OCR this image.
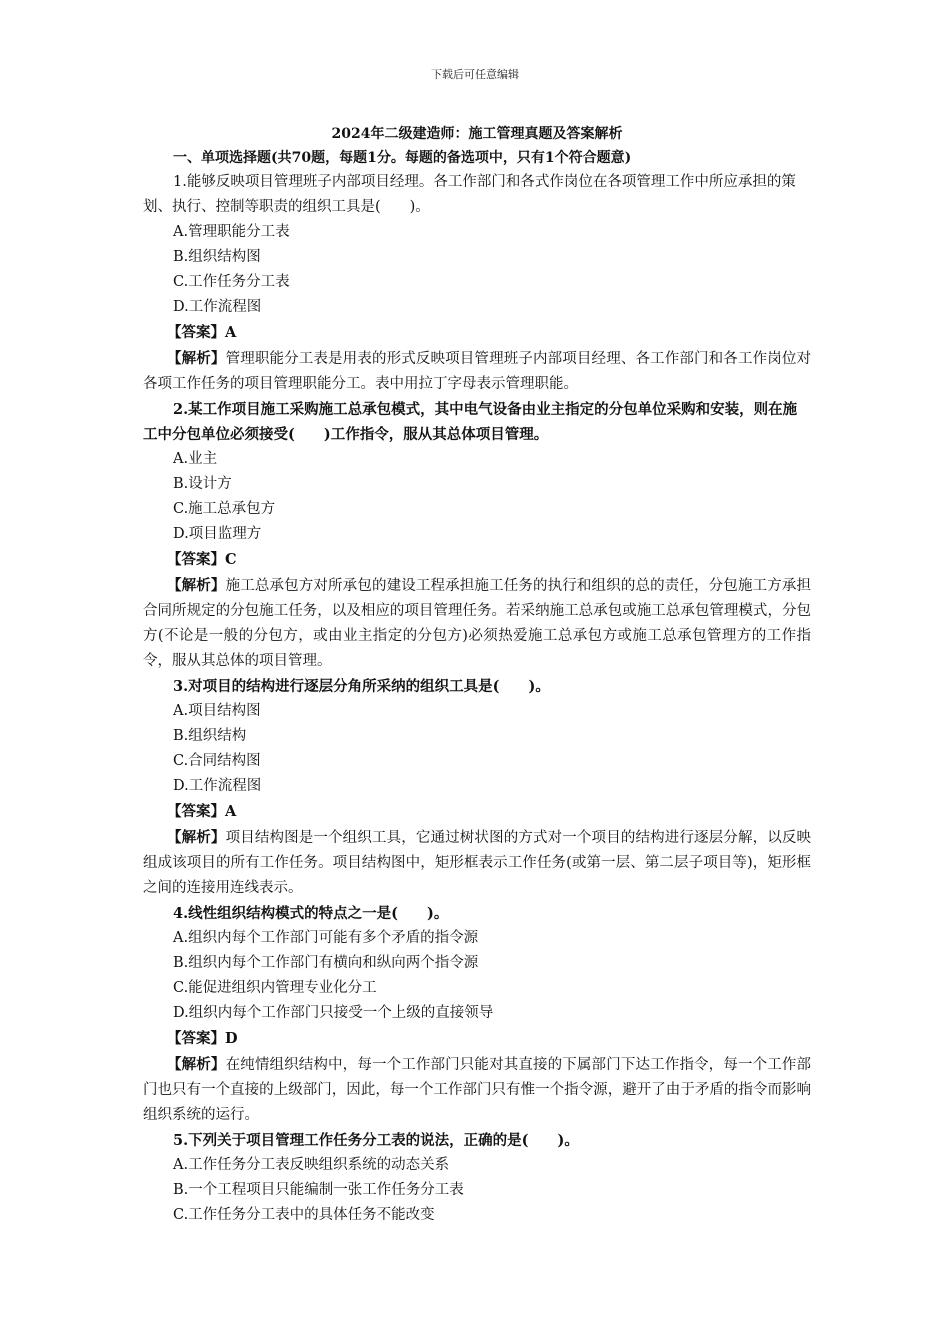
下载后可任意编辑
2024年二级建造师：施工管理真题及答案解析
一、单项选择题(共70题，每题1分。每题的备选项中，只有1个符合题意)

1.能够反映项目管理班子内部项目经理。各工作部门和各式作岗位在各项管理工作中所应承担的策划、执行、控制等职责的组织工具是(　　)。

A.管理职能分工表

B.组织结构图

C.工作任务分工表

D.工作流程图

【答案】A

【解析】管理职能分工表是用表的形式反映项目管理班子内部项目经理、各工作部门和各工作岗位对各项工作任务的项目管理职能分工。表中用拉丁字母表示管理职能。

2.某工作项目施工采购施工总承包模式，其中电气设备由业主指定的分包单位采购和安装，则在施工中分包单位必须接受(　　)工作指令，服从其总体项目管理。

A.业主

B.设计方

C.施工总承包方

D.项目监理方

【答案】C

【解析】施工总承包方对所承包的建设工程承担施工任务的执行和组织的总的责任，分包施工方承担合同所规定的分包施工任务，以及相应的项目管理任务。若采纳施工总承包或施工总承包管理模式，分包方(不论是一般的分包方，或由业主指定的分包方)必须热爱施工总承包方或施工总承包管理方的工作指令，服从其总体的项目管理。

3.对项目的结构进行逐层分角所采纳的组织工具是(　　)。

A.项目结构图

B.组织结构

C.合同结构图

D.工作流程图

【答案】A

【解析】项目结构图是一个组织工具，它通过树状图的方式对一个项目的结构进行逐层分解，以反映组成该项目的所有工作任务。项目结构图中，矩形框表示工作任务(或第一层、第二层子项目等)，矩形框之间的连接用连线表示。

4.线性组织结构模式的特点之一是(　　)。

A.组织内每个工作部门可能有多个矛盾的指令源

B.组织内每个工作部门有横向和纵向两个指令源

C.能促进组织内管理专业化分工

D.组织内每个工作部门只接受一个上级的直接领导

【答案】D

【解析】在纯情组织结构中，每一个工作部门只能对其直接的下属部门下达工作指令，每一个工作部门也只有一个直接的上级部门，因此，每一个工作部门只有惟一个指令源，避开了由于矛盾的指令而影响组织系统的运行。

5.下列关于项目管理工作任务分工表的说法，正确的是(　　)。

A.工作任务分工表反映组织系统的动态关系

B.一个工程项目只能编制一张工作任务分工表

C.工作任务分工表中的具体任务不能改变
